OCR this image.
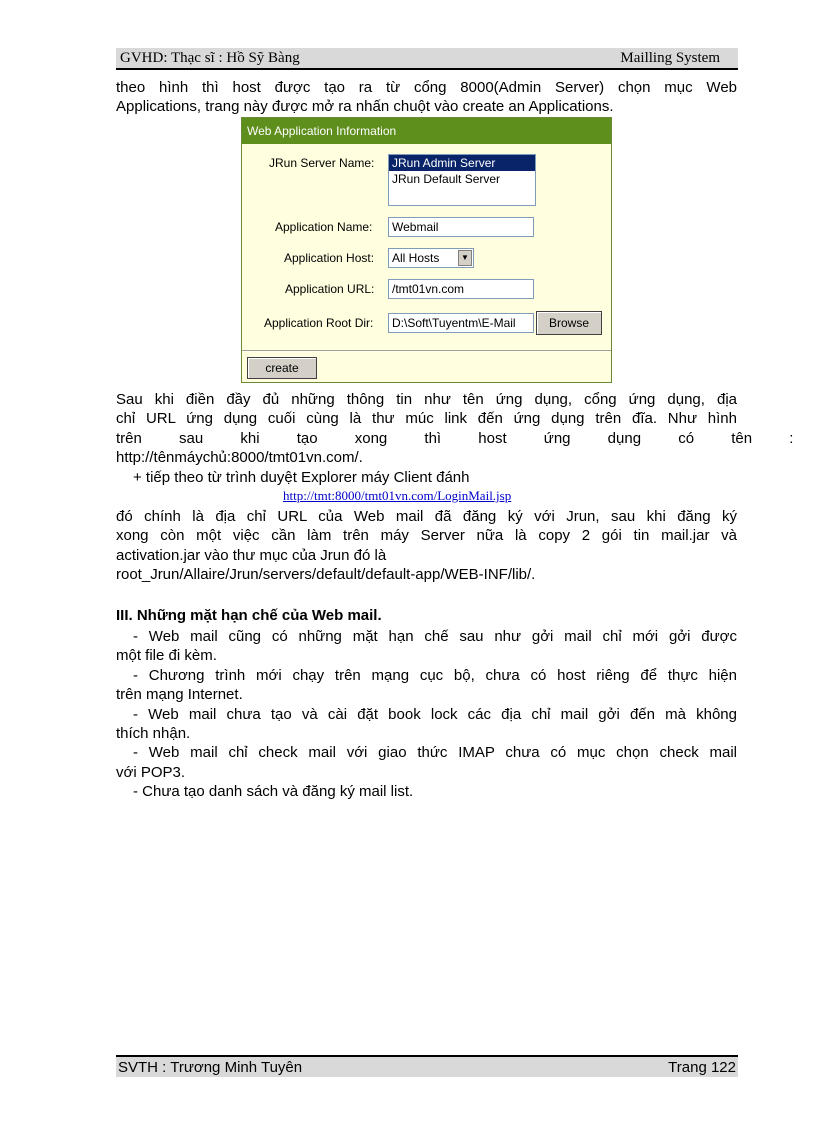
GVHD: Thạc sĩ : Hồ Sỹ Bàng	Mailling System
theo hình thì host được tạo ra từ cổng 8000(Admin Server) chọn mục Web
Applications, trang này được mở ra nhấn chuột vào create an Applications.
Web Application Information
JRun Server Name: JRun Admin Server
JRun Default Server
Application Name:	Webmail
Application Host:	All Hosts	▼
Application URL:	/tmt01vn.com
Application Root Dir:	D:\Soft\Tuyentm\E-Mail	Browse
create
Sau khi điền đầy đủ những thông tin như tên ứng dụng, cổng ứng dụng, địa
chỉ URL ứng dụng cuối cùng là thư múc link đến ứng dụng trên đĩa. Như hình
trên sau khi tạo xong thì host ứng dụng có tên :
http://tênmáychủ:8000/tmt01vn.com/.
+ tiếp theo từ trình duyệt Explorer máy Client đánh
http://tmt:8000/tmt01vn.com/LoginMail.jsp
đó chính là địa chỉ URL của Web mail đã đăng ký với Jrun, sau khi đăng ký
xong còn một việc cần làm trên máy Server nữa là copy 2 gói tin mail.jar và
activation.jar vào thư mục của Jrun đó là
root_Jrun/Allaire/Jrun/servers/default/default-app/WEB-INF/lib/.
III. Những mặt hạn chế của Web mail.
- Web mail cũng có những mặt hạn chế sau như gởi mail chỉ mới gởi được
một file đi kèm.
- Chương trình mới chạy trên mạng cục bộ, chưa có host riêng để thực hiện
trên mạng Internet.
- Web mail chưa tạo và cài đặt book lock các địa chỉ mail gởi đến mà không
thích nhận.
- Web mail chỉ check mail với giao thức IMAP chưa có mục chọn check mail
với POP3.
- Chưa tạo danh sách và đăng ký mail list.
SVTH : Trương Minh Tuyên	Trang 122
